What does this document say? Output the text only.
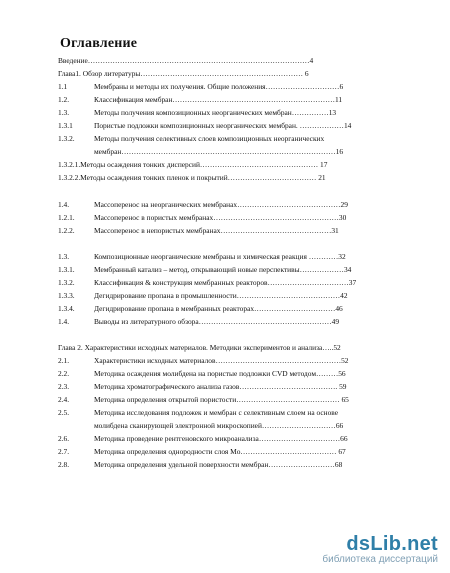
Оглавление
Введение………………………………………………………………………………4
Глава1. Обзор литературы………………………………………………………… 6
1.1	Мембраны и методы их получения. Общие положения…………………………6
1.2.	Классификация мембран…………………………………………………………11
1.3.	Методы получения композиционных неорганических мембран……………13
1.3.1	Пористые подложки композиционных неорганических мембран. ………………14
1.3.2.	Методы получения селективных слоев композиционных неорганических
мембран……………………………………………………………………………16
1.3.2.1.Методы осаждения тонких дисперсий………………………………………… 17
1.3.2.2.Методы осаждения тонких пленок и покрытий……………………………… 21
1.4.	Массоперенос на неорганических мембранах……………………………………29
1.2.1.	Массоперенос в пористых мембранах……………………………………………30
1.2.2.	Массоперенос в непористых мембранах………………………………………31
1.3.	Композиционные неорганические мембраны и химическая реакция …………32
1.3.1.	Мембранный катализ – метод, открывающий новые перспективы………………34
1.3.2.	Классификация & конструкция мембранных реакторов……………………………37
1.3.3.	Дегидрирование пропана в промышленности……………………………………42
1.3.4.	Дегидрирование пропана в мембранных реакторах……………………………46
1.4.	Выводы из литературного обзора………………………………………………49
Глава 2. Характеристики исходных материалов. Методики экспериментов и анализа…..52
2.1.	Характеристики исходных материалов……………………………………………52
2.2.	Методика осаждения молибдена на пористые подложки CVD методом………56
2.3.	Методика хроматографического анализа газов…………………………………. 59
2.4.	Методика определения открытой пористости…………………………………… 65
2.5.	Методика исследования подложек и мембран с селективным слоем на основе
молибдена сканирующей электронной микроскопией…………………………66
2.6.	Методика проведение рентгеновского микроанализа……………………………66
2.7.	Методика определения однородности слоя Mo………………………………… 67
2.8.	Методика определения удельной поверхности мембран………………………68
dsLib.net
библиотека диссертаций
